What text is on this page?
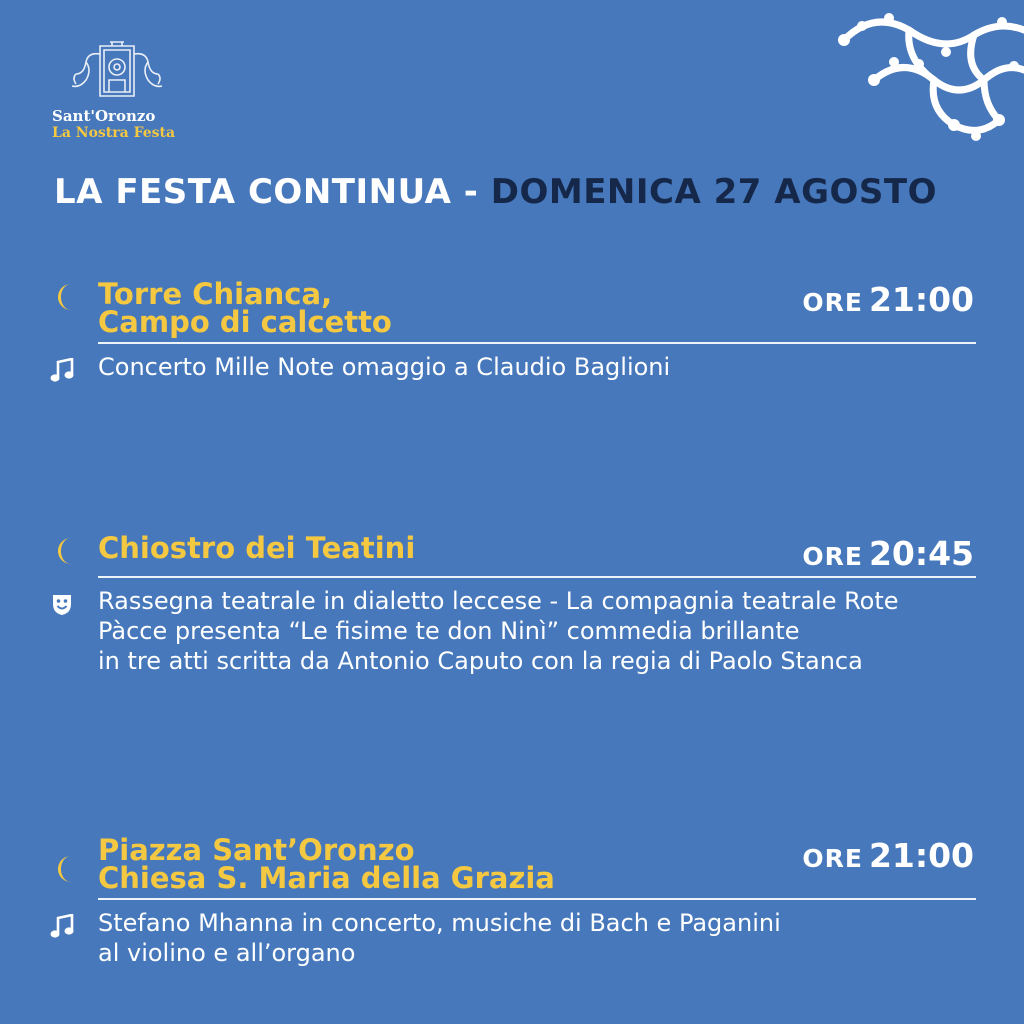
Sant'Oronzo
La Nostra Festa
LA FESTA CONTINUA - DOMENICA 27 AGOSTO
Torre Chianca,
Campo di calcetto
ORE 21:00
Concerto Mille Note omaggio a Claudio Baglioni
Chiostro dei Teatini	ORE 20:45
Rassegna teatrale in dialetto leccese - La compagnia teatrale Rote
Pàcce presenta “Le fisime te don Ninì” commedia brillante
in tre atti scritta da Antonio Caputo con la regia di Paolo Stanca
Piazza Sant’Oronzo
Chiesa S. Maria della Grazia
ORE 21:00
Stefano Mhanna in concerto, musiche di Bach e Paganini
al violino e all’organo
